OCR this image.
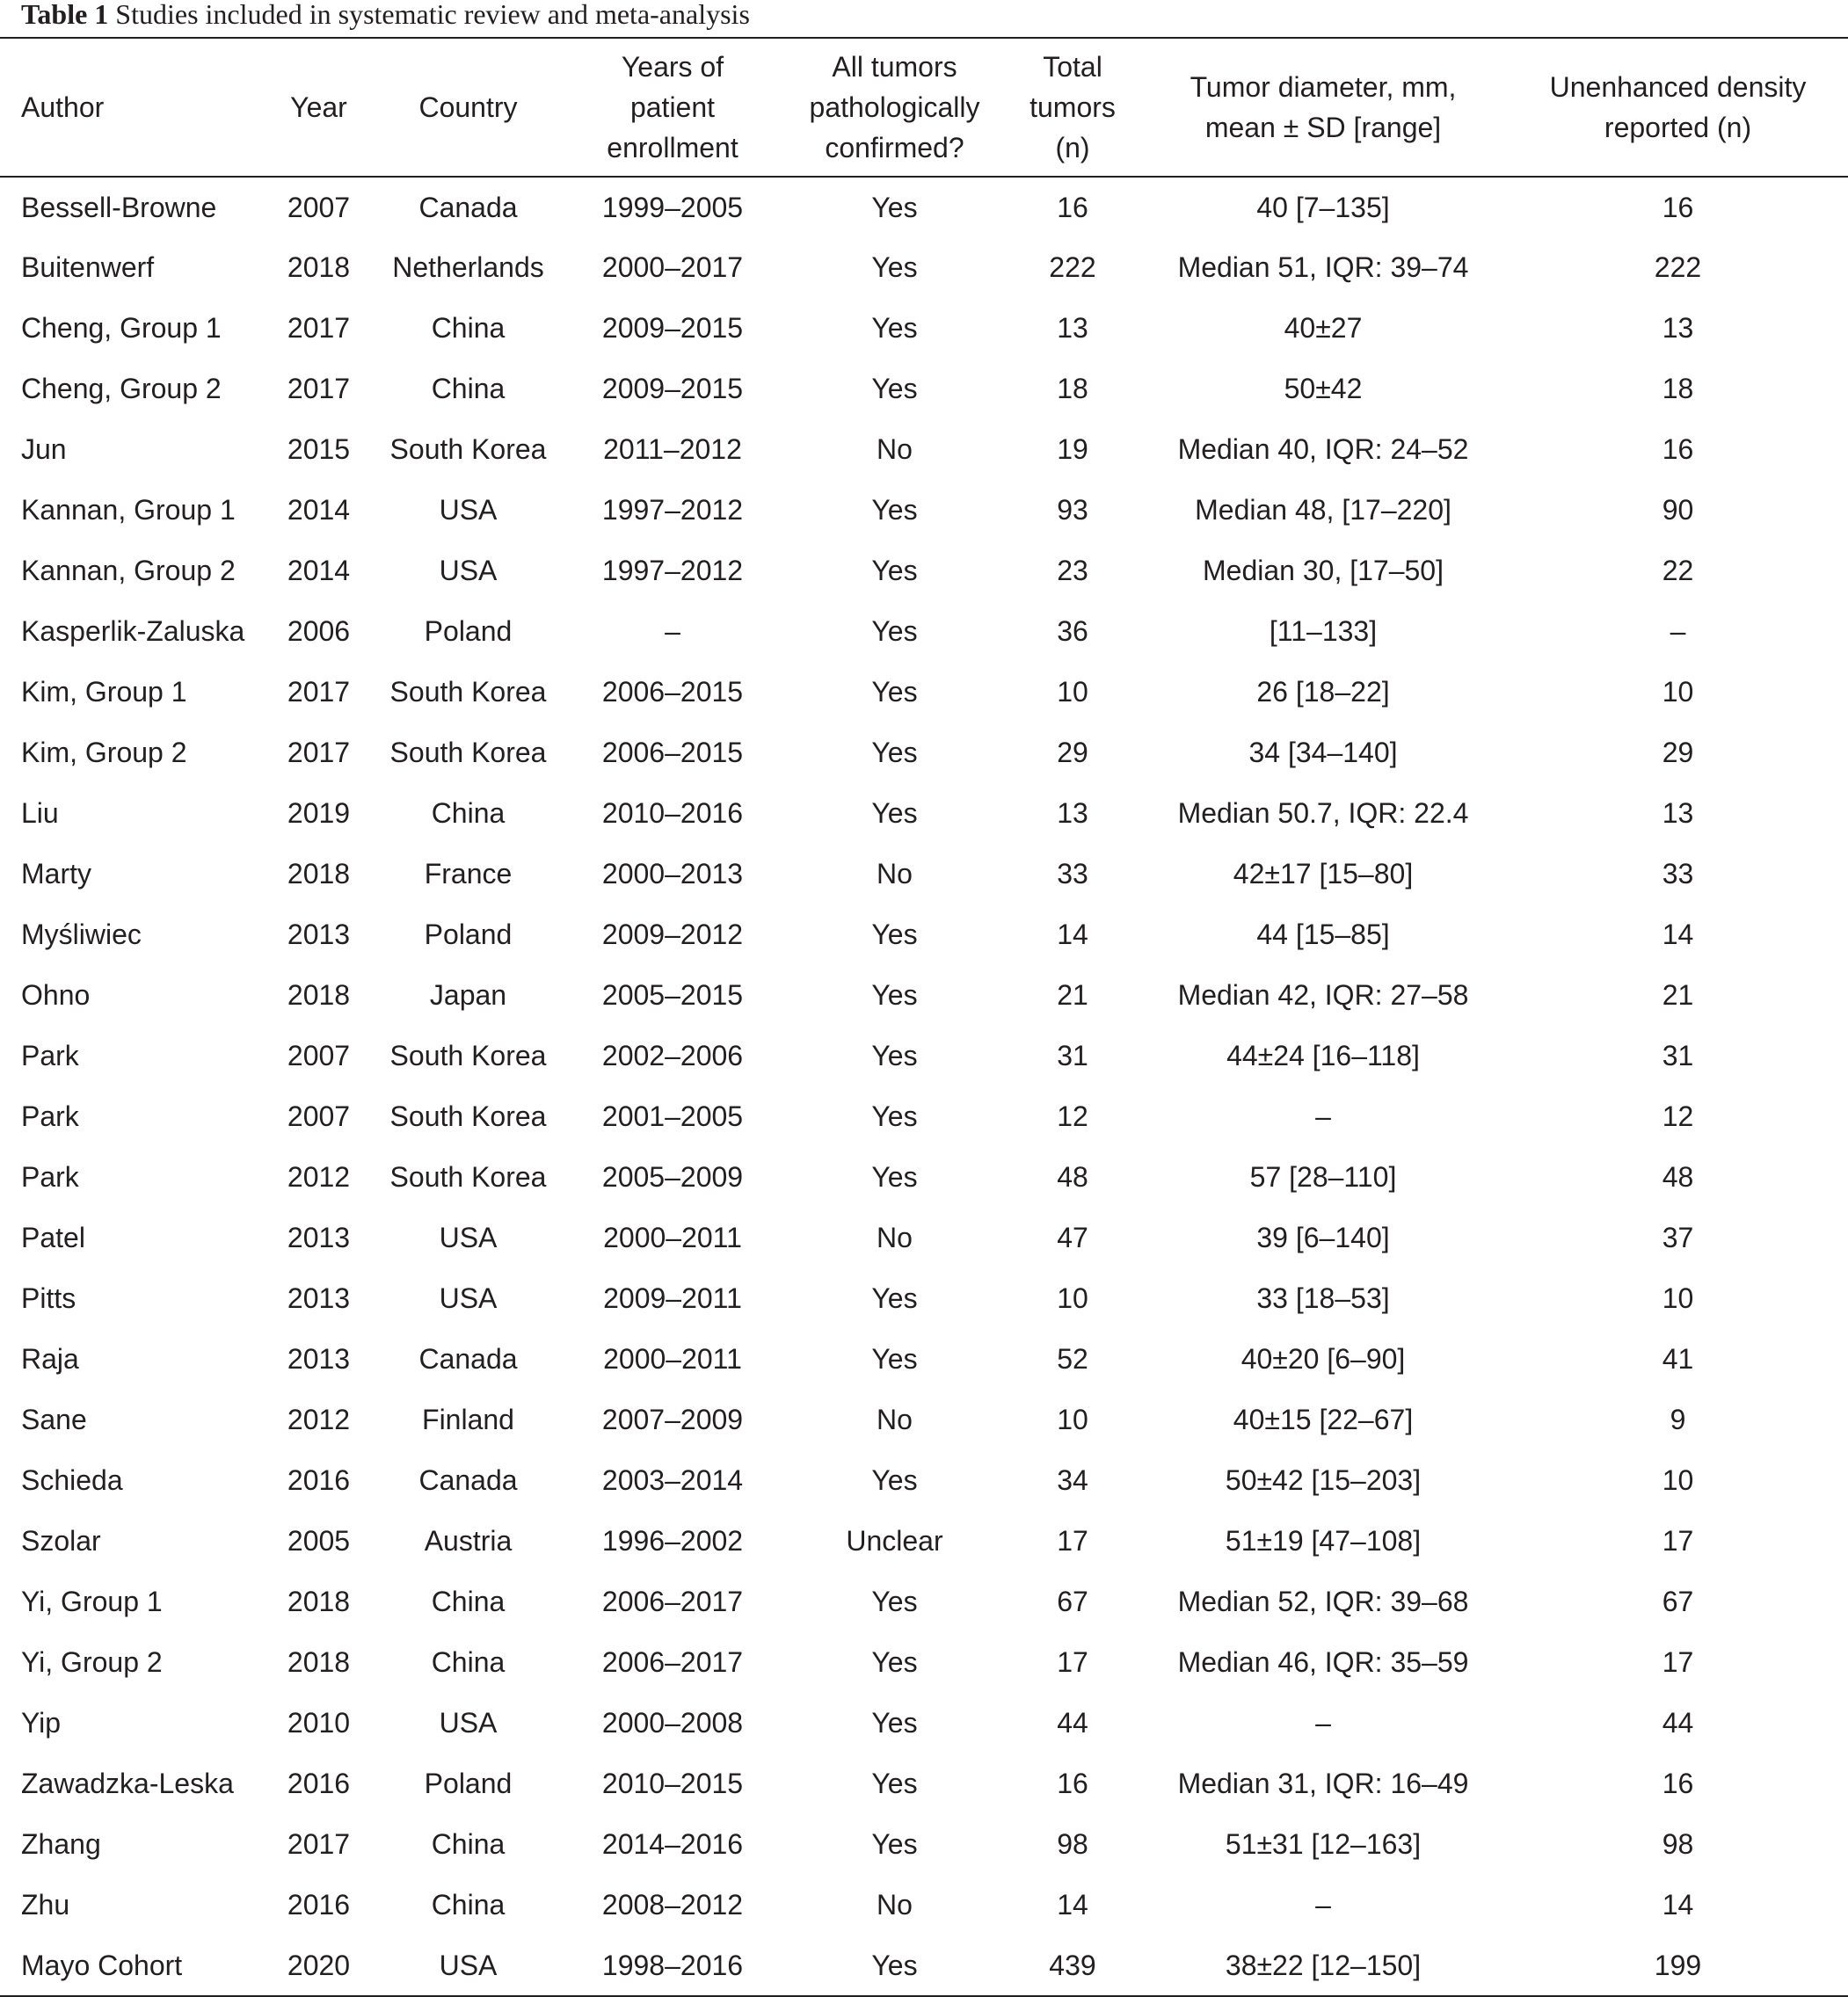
Table 1 Studies included in systematic review and meta-analysis
Author	Year	Country	Years of patient enrollment	All tumors pathologically confirmed?	Total tumors (n)	Tumor diameter, mm, mean ± SD [range]	Unenhanced density reported (n)
Bessell-Browne	2007	Canada	1999–2005	Yes	16	40 [7–135]	16
Buitenwerf	2018	Netherlands	2000–2017	Yes	222	Median 51, IQR: 39–74	222
Cheng, Group 1	2017	China	2009–2015	Yes	13	40±27	13
Cheng, Group 2	2017	China	2009–2015	Yes	18	50±42	18
Jun	2015	South Korea	2011–2012	No	19	Median 40, IQR: 24–52	16
Kannan, Group 1	2014	USA	1997–2012	Yes	93	Median 48, [17–220]	90
Kannan, Group 2	2014	USA	1997–2012	Yes	23	Median 30, [17–50]	22
Kasperlik-Zaluska	2006	Poland	–	Yes	36	[11–133]	–
Kim, Group 1	2017	South Korea	2006–2015	Yes	10	26 [18–22]	10
Kim, Group 2	2017	South Korea	2006–2015	Yes	29	34 [34–140]	29
Liu	2019	China	2010–2016	Yes	13	Median 50.7, IQR: 22.4	13
Marty	2018	France	2000–2013	No	33	42±17 [15–80]	33
Myśliwiec	2013	Poland	2009–2012	Yes	14	44 [15–85]	14
Ohno	2018	Japan	2005–2015	Yes	21	Median 42, IQR: 27–58	21
Park	2007	South Korea	2002–2006	Yes	31	44±24 [16–118]	31
Park	2007	South Korea	2001–2005	Yes	12	–	12
Park	2012	South Korea	2005–2009	Yes	48	57 [28–110]	48
Patel	2013	USA	2000–2011	No	47	39 [6–140]	37
Pitts	2013	USA	2009–2011	Yes	10	33 [18–53]	10
Raja	2013	Canada	2000–2011	Yes	52	40±20 [6–90]	41
Sane	2012	Finland	2007–2009	No	10	40±15 [22–67]	9
Schieda	2016	Canada	2003–2014	Yes	34	50±42 [15–203]	10
Szolar	2005	Austria	1996–2002	Unclear	17	51±19 [47–108]	17
Yi, Group 1	2018	China	2006–2017	Yes	67	Median 52, IQR: 39–68	67
Yi, Group 2	2018	China	2006–2017	Yes	17	Median 46, IQR: 35–59	17
Yip	2010	USA	2000–2008	Yes	44	–	44
Zawadzka-Leska	2016	Poland	2010–2015	Yes	16	Median 31, IQR: 16–49	16
Zhang	2017	China	2014–2016	Yes	98	51±31 [12–163]	98
Zhu	2016	China	2008–2012	No	14	–	14
Mayo Cohort	2020	USA	1998–2016	Yes	439	38±22 [12–150]	199
